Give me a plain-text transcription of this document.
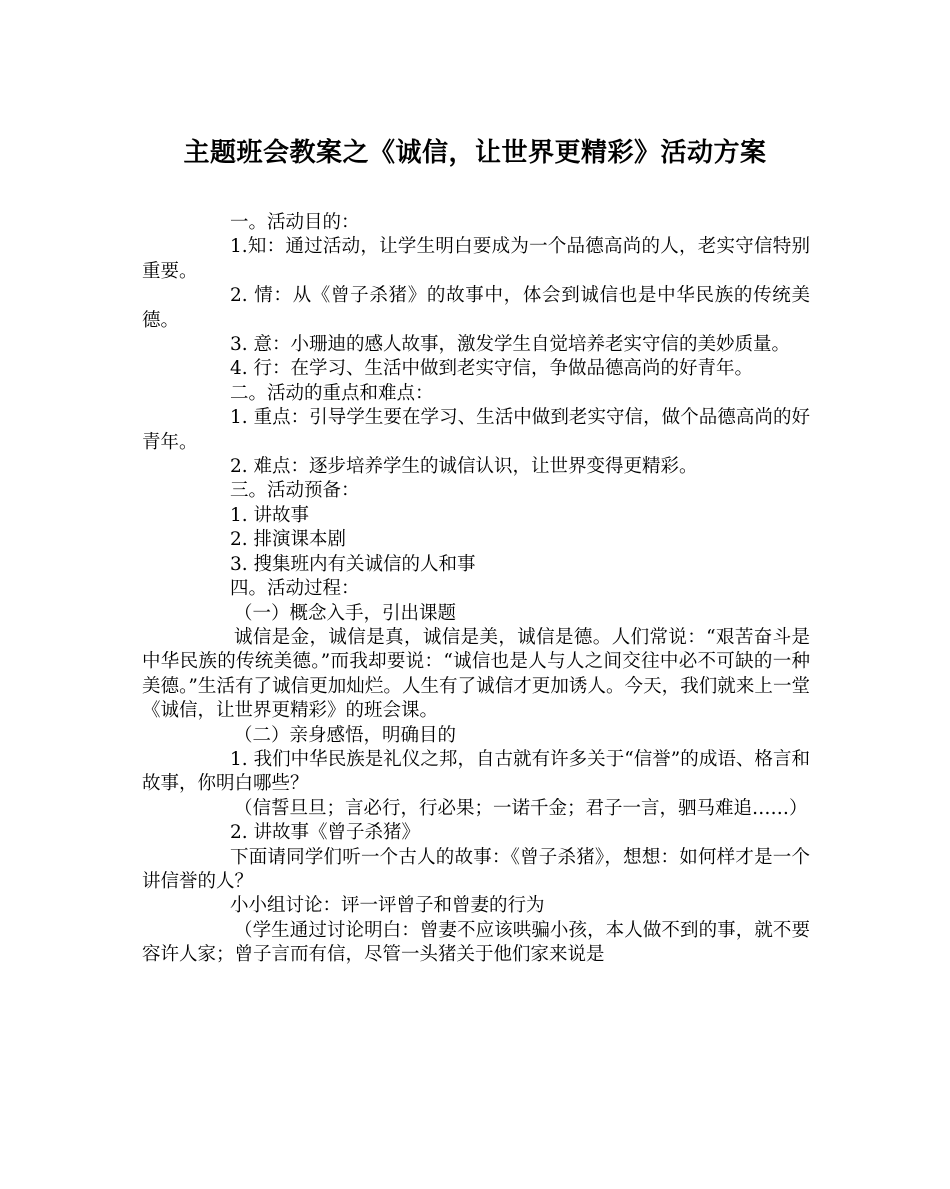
主题班会教案之《诚信，让世界更精彩》活动方案

一。活动目的：

1.知：通过活动，让学生明白要成为一个品德高尚的人，老实守信特别重要。

2. 情：从《曾子杀猪》的故事中，体会到诚信也是中华民族的传统美德。

3. 意：小珊迪的感人故事，激发学生自觉培养老实守信的美妙质量。

4. 行：在学习、生活中做到老实守信，争做品德高尚的好青年。

二。活动的重点和难点：

1. 重点：引导学生要在学习、生活中做到老实守信，做个品德高尚的好青年。

2. 难点：逐步培养学生的诚信认识，让世界变得更精彩。

三。活动预备：

1. 讲故事

2. 排演课本剧

3. 搜集班内有关诚信的人和事

四。活动过程：

（一）概念入手，引出课题

诚信是金，诚信是真，诚信是美，诚信是德。人们常说：“艰苦奋斗是中华民族的传统美德。”而我却要说：“诚信也是人与人之间交往中必不可缺的一种美德。”生活有了诚信更加灿烂。人生有了诚信才更加诱人。今天，我们就来上一堂《诚信，让世界更精彩》的班会课。

（二）亲身感悟，明确目的

1. 我们中华民族是礼仪之邦，自古就有许多关于“信誉”的成语、格言和故事，你明白哪些？

（信誓旦旦；言必行，行必果；一诺千金；君子一言，驷马难追……）

2. 讲故事《曾子杀猪》

下面请同学们听一个古人的故事：《曾子杀猪》，想想：如何样才是一个讲信誉的人？

小小组讨论：评一评曾子和曾妻的行为

（学生通过讨论明白：曾妻不应该哄骗小孩，本人做不到的事，就不要容许人家；曾子言而有信，尽管一头猪关于他们家来说是
